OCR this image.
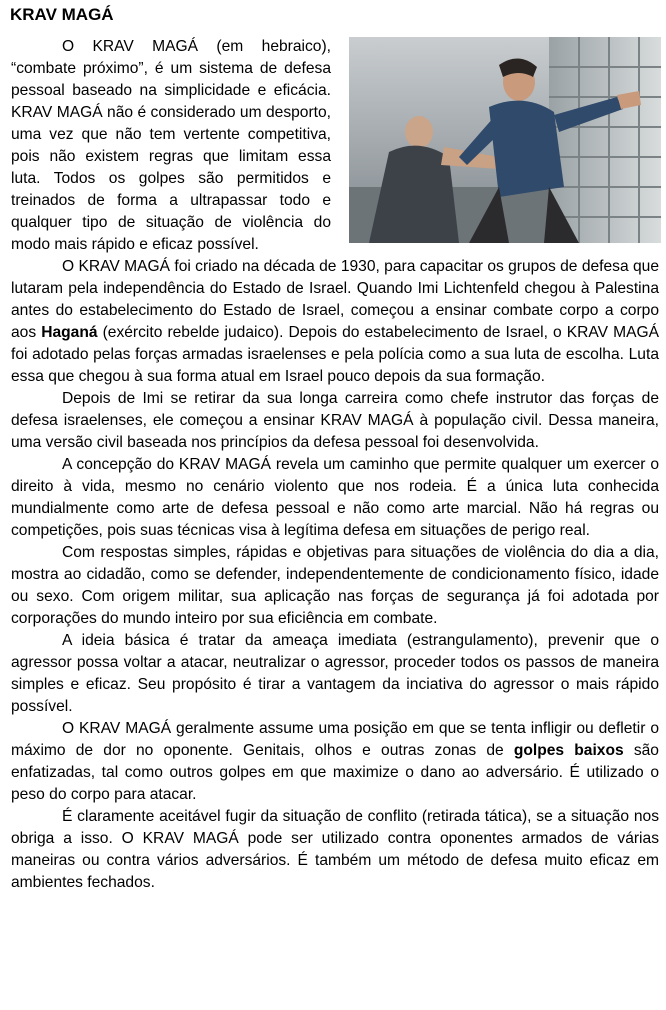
KRAV MAGÁ

O KRAV MAGÁ (em hebraico), “combate próximo”, é um sistema de defesa pessoal baseado na simplicidade e eficácia. KRAV MAGÁ não é considerado um desporto, uma vez que não tem vertente competitiva, pois não existem regras que limitam essa luta. Todos os golpes são permitidos e treinados de forma a ultrapassar todo e qualquer tipo de situação de violência do modo mais rápido e eficaz possível.

O KRAV MAGÁ foi criado na década de 1930, para capacitar os grupos de defesa que lutaram pela independência do Estado de Israel. Quando Imi Lichtenfeld chegou à Palestina antes do estabelecimento do Estado de Israel, começou a ensinar combate corpo a corpo aos Haganá (exército rebelde judaico). Depois do estabelecimento de Israel, o KRAV MAGÁ foi adotado pelas forças armadas israelenses e pela polícia como a sua luta de escolha. Luta essa que chegou à sua forma atual em Israel pouco depois da sua formação.

Depois de Imi se retirar da sua longa carreira como chefe instrutor das forças de defesa israelenses, ele começou a ensinar KRAV MAGÁ à população civil. Dessa maneira, uma versão civil baseada nos princípios da defesa pessoal foi desenvolvida.

A concepção do KRAV MAGÁ revela um caminho que permite qualquer um exercer o direito à vida, mesmo no cenário violento que nos rodeia. É a única luta conhecida mundialmente como arte de defesa pessoal e não como arte marcial. Não há regras ou competições, pois suas técnicas visa à legítima defesa em situações de perigo real.

Com respostas simples, rápidas e objetivas para situações de violência do dia a dia, mostra ao cidadão, como se defender, independentemente de condicionamento físico, idade ou sexo. Com origem militar, sua aplicação nas forças de segurança já foi adotada por corporações do mundo inteiro por sua eficiência em combate.

A ideia básica é tratar da ameaça imediata (estrangulamento), prevenir que o agressor possa voltar a atacar, neutralizar o agressor, proceder todos os passos de maneira simples e eficaz. Seu propósito é tirar a vantagem da inciativa do agressor o mais rápido possível.

O KRAV MAGÁ geralmente assume uma posição em que se tenta infligir ou defletir o máximo de dor no oponente. Genitais, olhos e outras zonas de golpes baixos são enfatizadas, tal como outros golpes em que maximize o dano ao adversário. É utilizado o peso do corpo para atacar.

É claramente aceitável fugir da situação de conflito (retirada tática), se a situação nos obriga a isso. O KRAV MAGÁ pode ser utilizado contra oponentes armados de várias maneiras ou contra vários adversários. É também um método de defesa muito eficaz em ambientes fechados.
